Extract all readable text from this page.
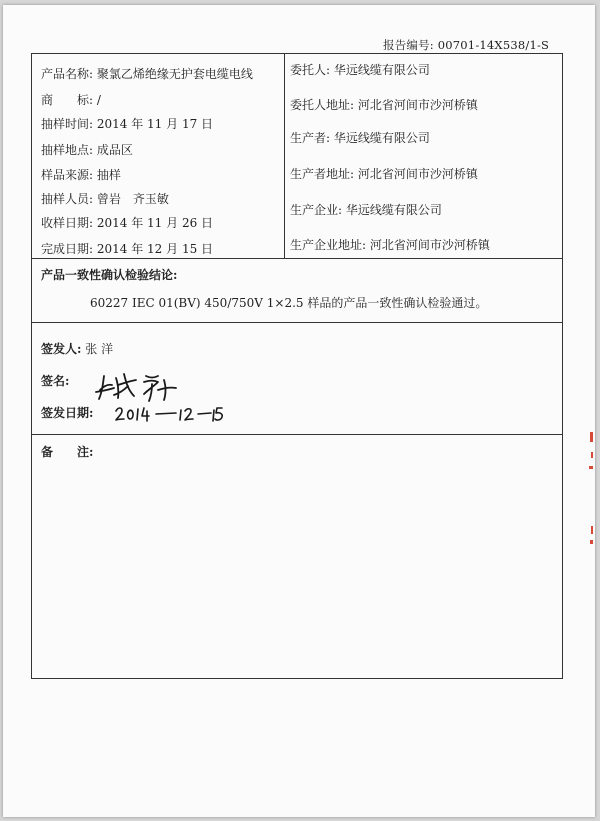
报告编号: 00701-14X538/1-S
产品名称: 聚氯乙烯绝缘无护套电缆电线
商　　标: /
抽样时间: 2014 年 11 月 17 日
抽样地点: 成品区
样品来源: 抽样
抽样人员: 曾岩　齐玉敏
收样日期: 2014 年 11 月 26 日
完成日期: 2014 年 12 月 15 日
委托人: 华远线缆有限公司
委托人地址: 河北省河间市沙河桥镇
生产者: 华远线缆有限公司
生产者地址: 河北省河间市沙河桥镇
生产企业: 华远线缆有限公司
生产企业地址: 河北省河间市沙河桥镇
产品一致性确认检验结论:
60227 IEC 01(BV) 450/750V 1×2.5 样品的产品一致性确认检验通过。
签发人: 张 洋
签名:
签发日期:
备　　注:
